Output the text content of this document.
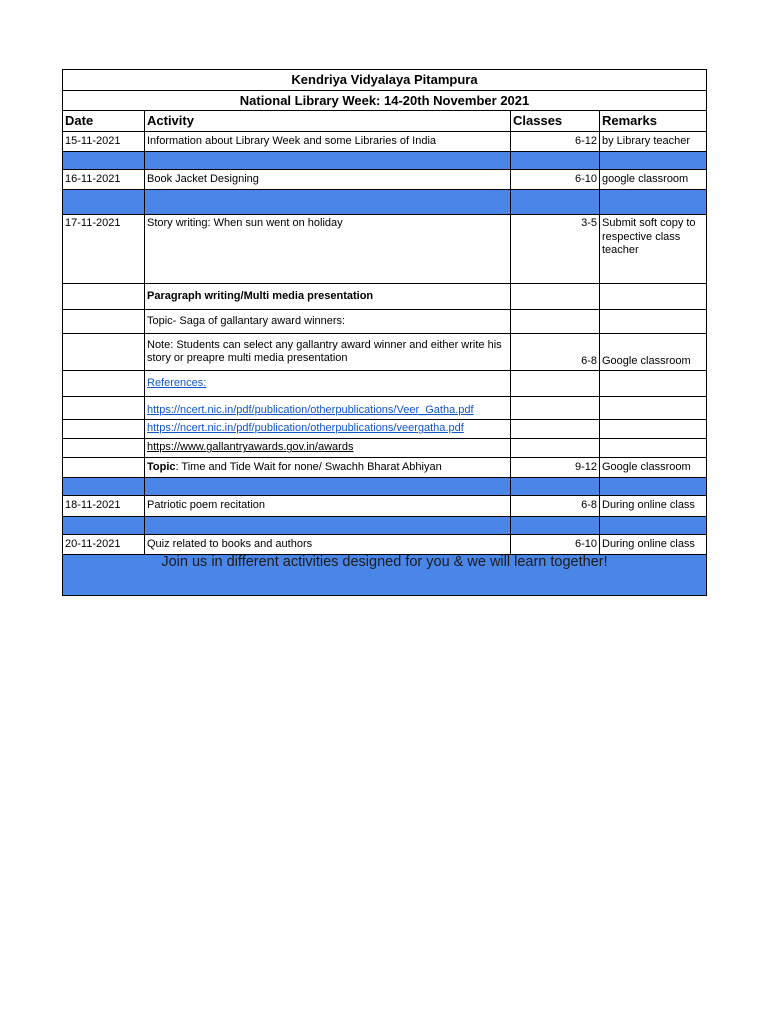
Kendriya Vidyalaya Pitampura			
National Library Week: 14-20th November 2021			
Date	Activity	Classes	Remarks
15-11-2021	Information about Library Week and some Libraries of India	6-12	by Library teacher

16-11-2021	Book Jacket Designing	6-10	google classroom

17-11-2021	Story writing: When sun went on holiday	3-5	Submit soft copy to respective class teacher
	Paragraph writing/Multi media presentation		
	Topic- Saga of gallantary award winners:		
	Note: Students can select any gallantry award winner and either write his story or preapre multi media presentation	6-8	Google classroom
	References:		
	https://ncert.nic.in/pdf/publication/otherpublications/Veer_Gatha.pdf		
	https://ncert.nic.in/pdf/publication/otherpublications/veergatha.pdf		
	https://www.gallantryawards.gov.in/awards		
	Topic: Time and Tide Wait for none/ Swachh Bharat Abhiyan	9-12	Google classroom

18-11-2021	Patriotic poem recitation	6-8	During online class

20-11-2021	Quiz related to books and authors	6-10	During online class
Join us in different activities designed for you & we will learn together!			
